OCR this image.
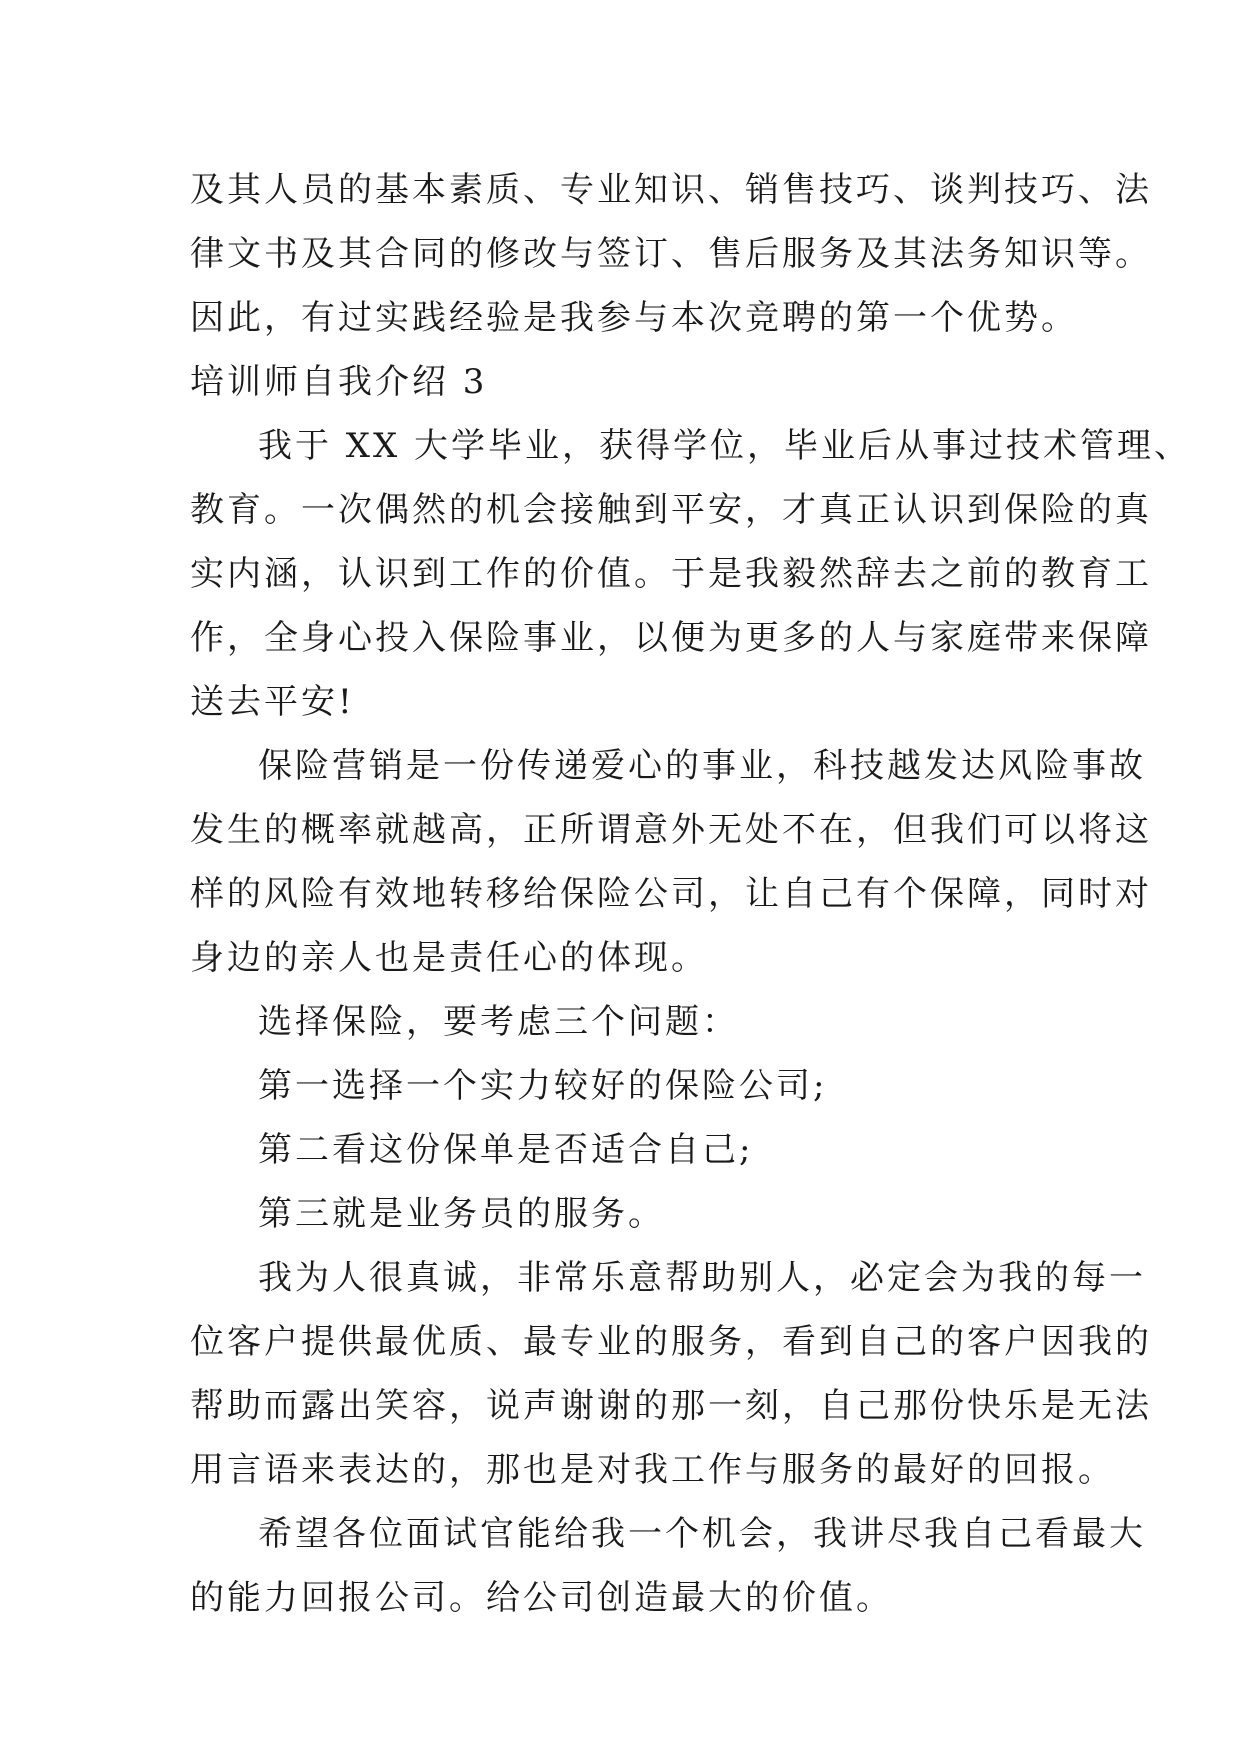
及其人员的基本素质、专业知识、销售技巧、谈判技巧、法
律文书及其合同的修改与签订、售后服务及其法务知识等。
因此，有过实践经验是我参与本次竞聘的第一个优势。
培训师自我介绍 3
我于 XX 大学毕业，获得学位，毕业后从事过技术管理、
教育。一次偶然的机会接触到平安，才真正认识到保险的真
实内涵，认识到工作的价值。于是我毅然辞去之前的教育工
作，全身心投入保险事业，以便为更多的人与家庭带来保障
送去平安!
保险营销是一份传递爱心的事业，科技越发达风险事故
发生的概率就越高，正所谓意外无处不在，但我们可以将这
样的风险有效地转移给保险公司，让自己有个保障，同时对
身边的亲人也是责任心的体现。
选择保险，要考虑三个问题：
第一选择一个实力较好的保险公司;
第二看这份保单是否适合自己;
第三就是业务员的服务。
我为人很真诚，非常乐意帮助别人，必定会为我的每一
位客户提供最优质、最专业的服务，看到自己的客户因我的
帮助而露出笑容，说声谢谢的那一刻，自己那份快乐是无法
用言语来表达的，那也是对我工作与服务的最好的回报。
希望各位面试官能给我一个机会，我讲尽我自己看最大
的能力回报公司。给公司创造最大的价值。
